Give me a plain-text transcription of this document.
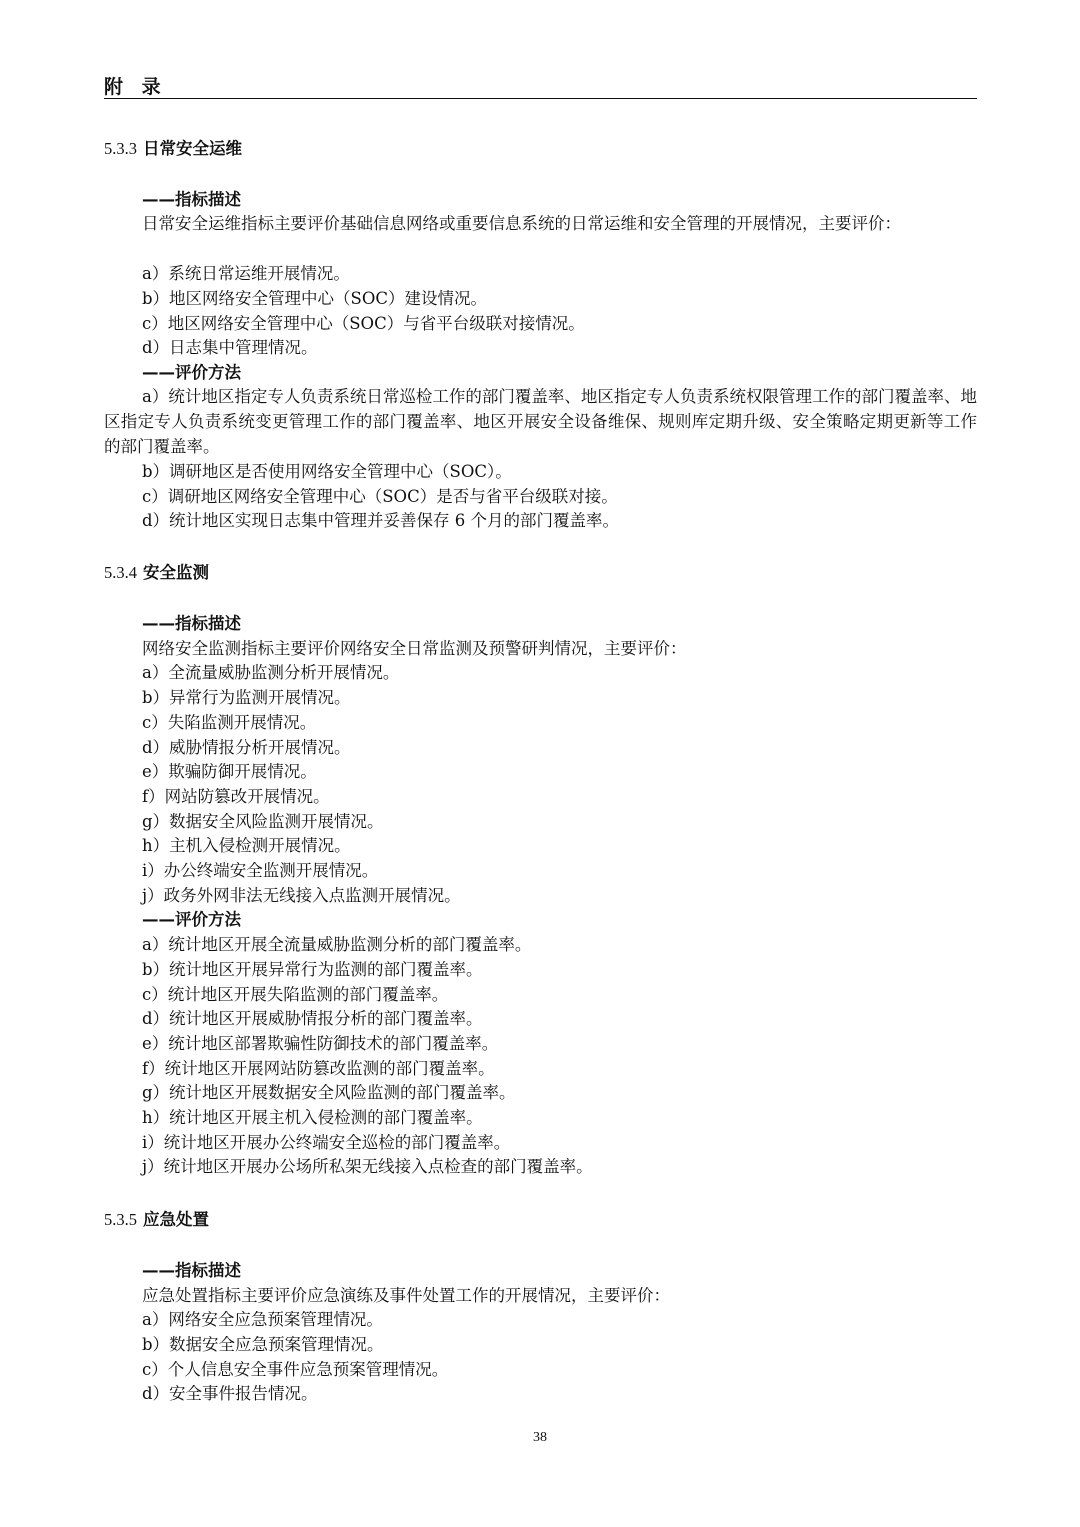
附 录
5.3.3 日常安全运维
——指标描述
日常安全运维指标主要评价基础信息网络或重要信息系统的日常运维和安全管理的开展情况，主要评价：
a）系统日常运维开展情况。
b）地区网络安全管理中心（SOC）建设情况。
c）地区网络安全管理中心（SOC）与省平台级联对接情况。
d）日志集中管理情况。
——评价方法
a）统计地区指定专人负责系统日常巡检工作的部门覆盖率、地区指定专人负责系统权限管理工作的部门覆盖率、地区指定专人负责系统变更管理工作的部门覆盖率、地区开展安全设备维保、规则库定期升级、安全策略定期更新等工作的部门覆盖率。
b）调研地区是否使用网络安全管理中心（SOC）。
c）调研地区网络安全管理中心（SOC）是否与省平台级联对接。
d）统计地区实现日志集中管理并妥善保存 6 个月的部门覆盖率。
5.3.4 安全监测
——指标描述
网络安全监测指标主要评价网络安全日常监测及预警研判情况，主要评价：
a）全流量威胁监测分析开展情况。
b）异常行为监测开展情况。
c）失陷监测开展情况。
d）威胁情报分析开展情况。
e）欺骗防御开展情况。
f）网站防篡改开展情况。
g）数据安全风险监测开展情况。
h）主机入侵检测开展情况。
i）办公终端安全监测开展情况。
j）政务外网非法无线接入点监测开展情况。
——评价方法
a）统计地区开展全流量威胁监测分析的部门覆盖率。
b）统计地区开展异常行为监测的部门覆盖率。
c）统计地区开展失陷监测的部门覆盖率。
d）统计地区开展威胁情报分析的部门覆盖率。
e）统计地区部署欺骗性防御技术的部门覆盖率。
f）统计地区开展网站防篡改监测的部门覆盖率。
g）统计地区开展数据安全风险监测的部门覆盖率。
h）统计地区开展主机入侵检测的部门覆盖率。
i）统计地区开展办公终端安全巡检的部门覆盖率。
j）统计地区开展办公场所私架无线接入点检查的部门覆盖率。
5.3.5 应急处置
——指标描述
应急处置指标主要评价应急演练及事件处置工作的开展情况，主要评价：
a）网络安全应急预案管理情况。
b）数据安全应急预案管理情况。
c）个人信息安全事件应急预案管理情况。
d）安全事件报告情况。
38
